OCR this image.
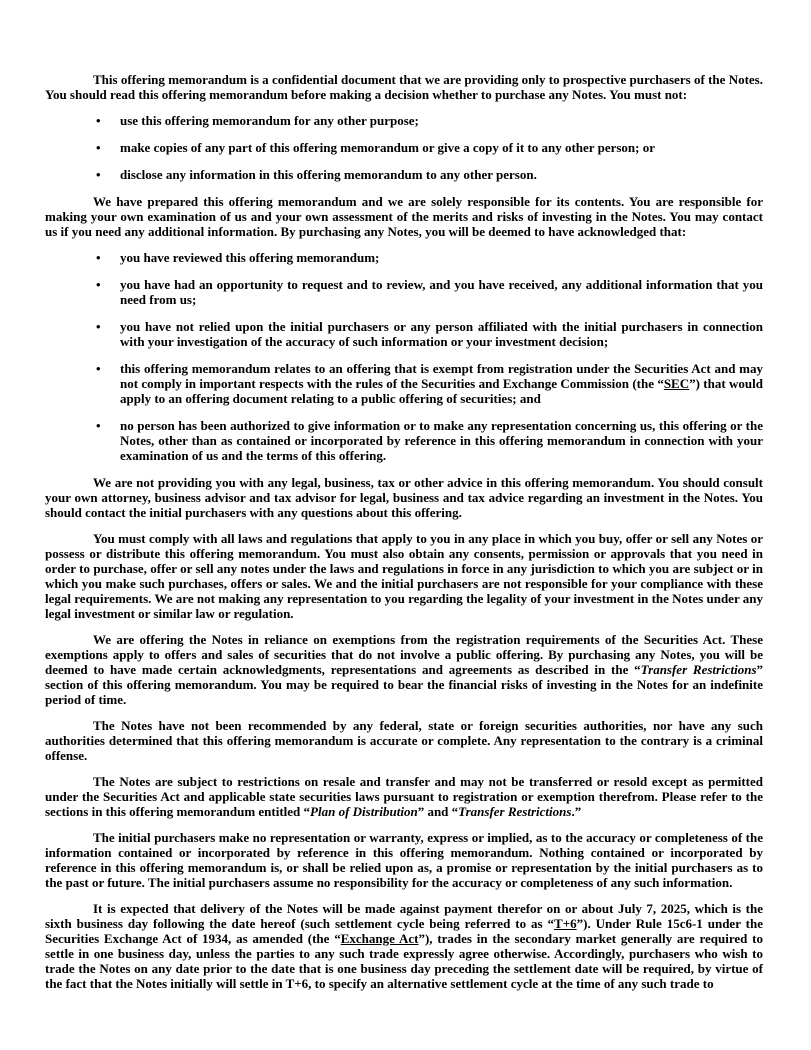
This offering memorandum is a confidential document that we are providing only to prospective purchasers of the Notes. You should read this offering memorandum before making a decision whether to purchase any Notes. You must not:

• use this offering memorandum for any other purpose;
• make copies of any part of this offering memorandum or give a copy of it to any other person; or
• disclose any information in this offering memorandum to any other person.

We have prepared this offering memorandum and we are solely responsible for its contents. You are responsible for making your own examination of us and your own assessment of the merits and risks of investing in the Notes. You may contact us if you need any additional information. By purchasing any Notes, you will be deemed to have acknowledged that:

• you have reviewed this offering memorandum;
• you have had an opportunity to request and to review, and you have received, any additional information that you need from us;
• you have not relied upon the initial purchasers or any person affiliated with the initial purchasers in connection with your investigation of the accuracy of such information or your investment decision;
• this offering memorandum relates to an offering that is exempt from registration under the Securities Act and may not comply in important respects with the rules of the Securities and Exchange Commission (the “SEC”) that would apply to an offering document relating to a public offering of securities; and
• no person has been authorized to give information or to make any representation concerning us, this offering or the Notes, other than as contained or incorporated by reference in this offering memorandum in connection with your examination of us and the terms of this offering.

We are not providing you with any legal, business, tax or other advice in this offering memorandum. You should consult your own attorney, business advisor and tax advisor for legal, business and tax advice regarding an investment in the Notes. You should contact the initial purchasers with any questions about this offering.

You must comply with all laws and regulations that apply to you in any place in which you buy, offer or sell any Notes or possess or distribute this offering memorandum. You must also obtain any consents, permission or approvals that you need in order to purchase, offer or sell any notes under the laws and regulations in force in any jurisdiction to which you are subject or in which you make such purchases, offers or sales. We and the initial purchasers are not responsible for your compliance with these legal requirements. We are not making any representation to you regarding the legality of your investment in the Notes under any legal investment or similar law or regulation.

We are offering the Notes in reliance on exemptions from the registration requirements of the Securities Act. These exemptions apply to offers and sales of securities that do not involve a public offering. By purchasing any Notes, you will be deemed to have made certain acknowledgments, representations and agreements as described in the “Transfer Restrictions” section of this offering memorandum. You may be required to bear the financial risks of investing in the Notes for an indefinite period of time.

The Notes have not been recommended by any federal, state or foreign securities authorities, nor have any such authorities determined that this offering memorandum is accurate or complete. Any representation to the contrary is a criminal offense.

The Notes are subject to restrictions on resale and transfer and may not be transferred or resold except as permitted under the Securities Act and applicable state securities laws pursuant to registration or exemption therefrom. Please refer to the sections in this offering memorandum entitled “Plan of Distribution” and “Transfer Restrictions.”

The initial purchasers make no representation or warranty, express or implied, as to the accuracy or completeness of the information contained or incorporated by reference in this offering memorandum. Nothing contained or incorporated by reference in this offering memorandum is, or shall be relied upon as, a promise or representation by the initial purchasers as to the past or future. The initial purchasers assume no responsibility for the accuracy or completeness of any such information.

It is expected that delivery of the Notes will be made against payment therefor on or about July 7, 2025, which is the sixth business day following the date hereof (such settlement cycle being referred to as “T+6”). Under Rule 15c6-1 under the Securities Exchange Act of 1934, as amended (the “Exchange Act”), trades in the secondary market generally are required to settle in one business day, unless the parties to any such trade expressly agree otherwise. Accordingly, purchasers who wish to trade the Notes on any date prior to the date that is one business day preceding the settlement date will be required, by virtue of the fact that the Notes initially will settle in T+6, to specify an alternative settlement cycle at the time of any such trade to
